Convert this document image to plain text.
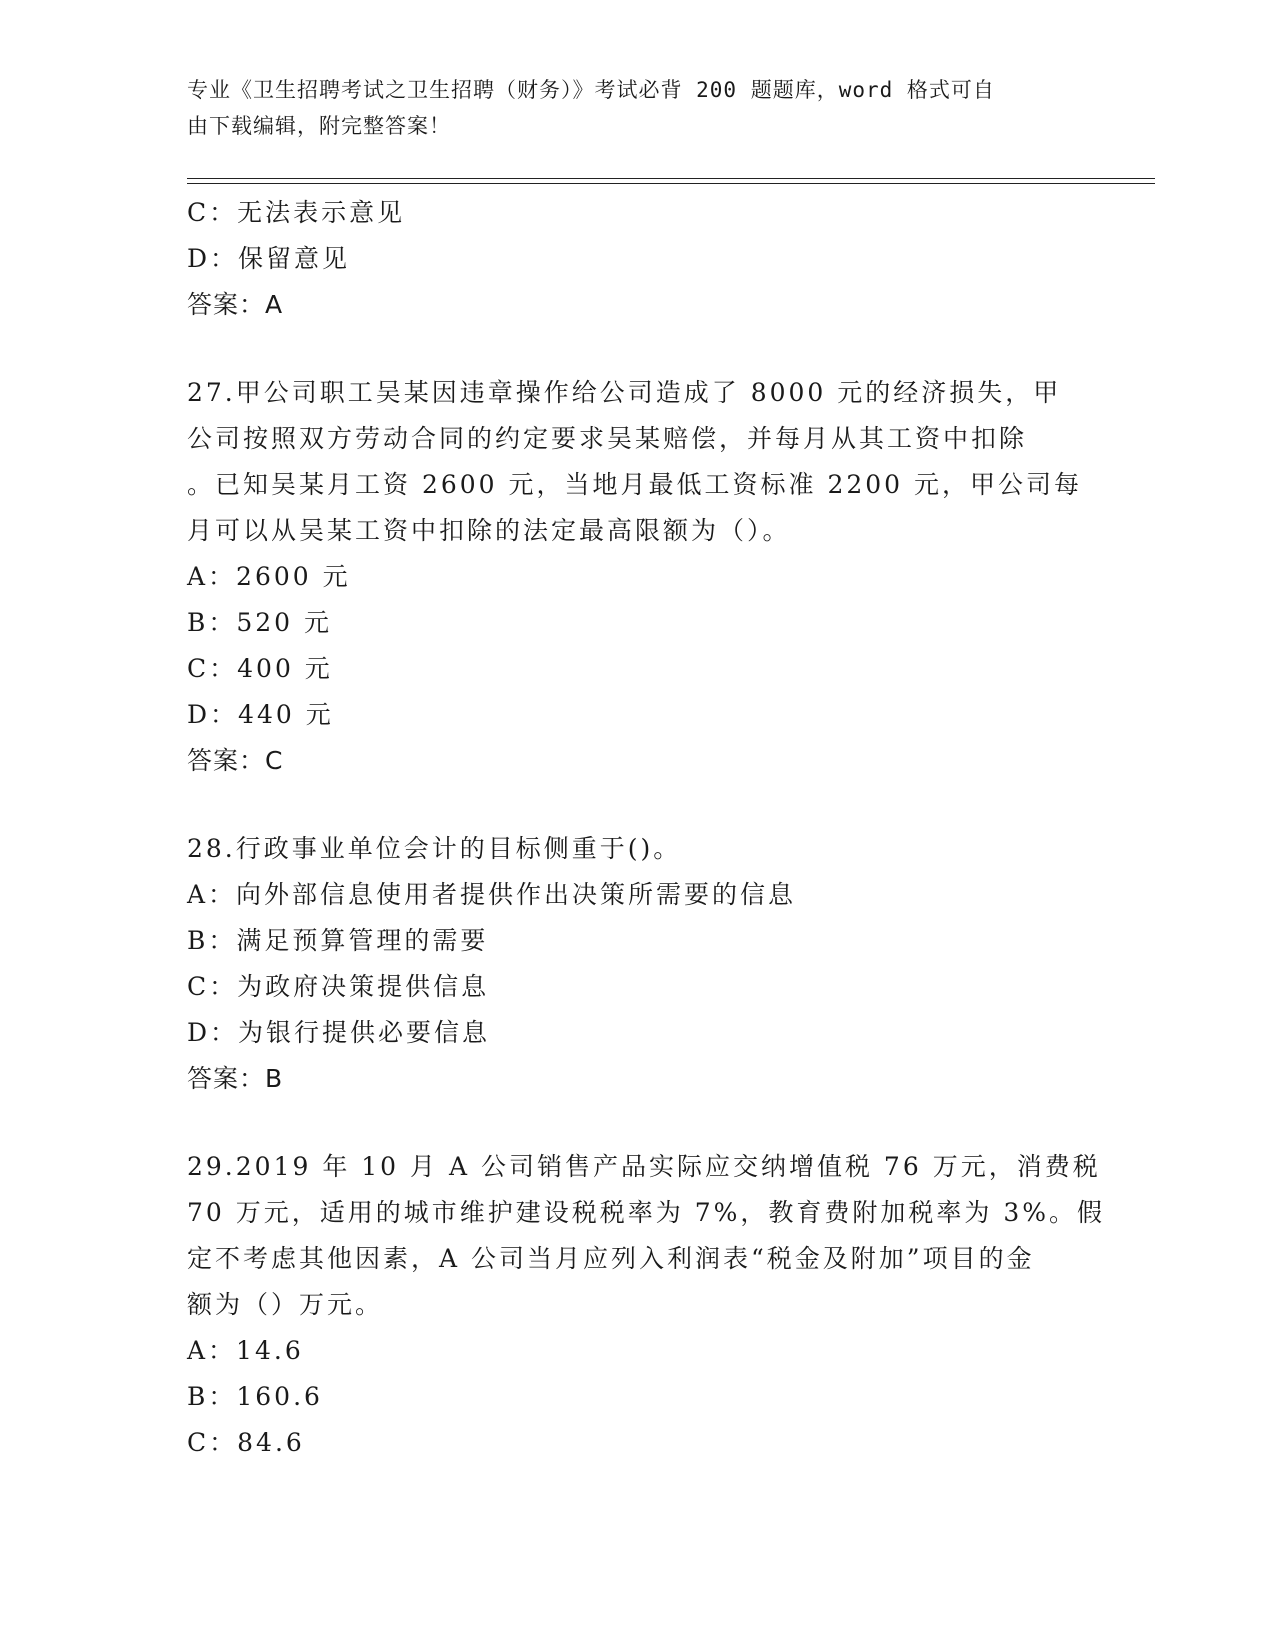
专业《卫生招聘考试之卫生招聘（财务）》考试必背 200 题题库，word 格式可自
由下载编辑，附完整答案！
C：无法表示意见
D：保留意见
答案：A
27.甲公司职工吴某因违章操作给公司造成了 8000 元的经济损失，甲
公司按照双方劳动合同的约定要求吴某赔偿，并每月从其工资中扣除
。已知吴某月工资 2600 元，当地月最低工资标准 2200 元，甲公司每
月可以从吴某工资中扣除的法定最高限额为（）。
A：2600 元
B：520 元
C：400 元
D：440 元
答案：C
28.行政事业单位会计的目标侧重于()。
A：向外部信息使用者提供作出决策所需要的信息
B：满足预算管理的需要
C：为政府决策提供信息
D：为银行提供必要信息
答案：B
29.2019 年 10 月 A 公司销售产品实际应交纳增值税 76 万元，消费税
70 万元，适用的城市维护建设税税率为 7%，教育费附加税率为 3%。假
定不考虑其他因素，A 公司当月应列入利润表“税金及附加”项目的金
额为（）万元。
A：14.6
B：160.6
C：84.6
